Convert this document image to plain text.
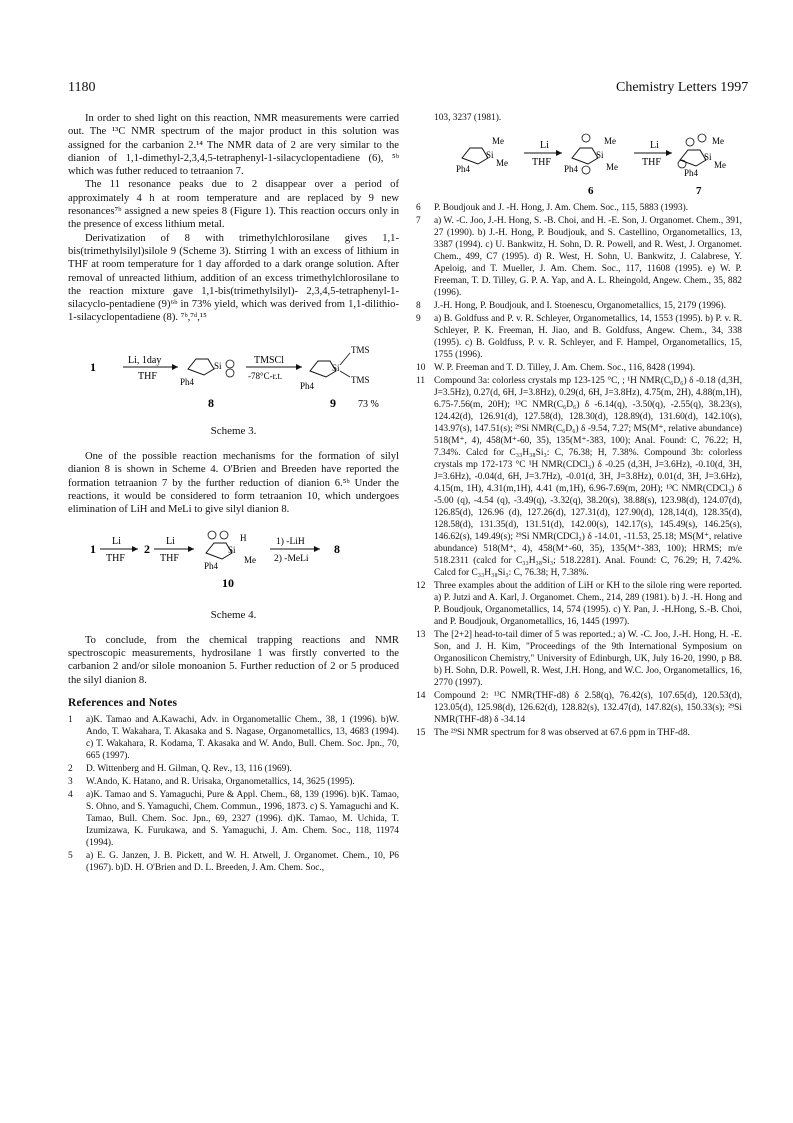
1180	Chemistry Letters 1997

In order to shed light on this reaction, NMR measurements were carried out. The ¹³C NMR spectrum of the major product in this solution was assigned for the carbanion 2.¹⁴ The NMR data of 2 are very similar to the dianion of 1,1-dimethyl-2,3,4,5-tetraphenyl-1-silacyclopentadiene (6), ⁵ᵇ which was futher reduced to tetraanion 7.

The 11 resonance peaks due to 2 disappear over a period of approximately 4 h at room temperature and are replaced by 9 new resonances⁷ᵇ assigned a new speies 8 (Figure 1). This reaction occurs only in the presence of excess lithium metal.

Derivatization of 8 with trimethylchlorosilane gives 1,1-bis(trimethylsilyl)silole 9 (Scheme 3). Stirring 1 with an excess of lithium in THF at room temperature for 1 day afforded to a dark orange solution. After removal of unreacted lithium, addition of an excess trimethylchlorosilane to the reaction mixture gave 1,1-bis(trimethylsilyl)- 2,3,4,5-tetraphenyl-1-silacyclo-pentadiene (9)⁶ᵇ in 73% yield, which was derived from 1,1-dilithio-1-silacyclopentadiene (8). ⁷ᵇ,⁷ᵈ,¹⁵

1	Li, 1day
THF
Si
Ph4
8
TMSCl
-78°C-r.t.
Si
TMS
TMS
Ph4
9 73 %
Scheme 3.

One of the possible reaction mechanisms for the formation of silyl dianion 8 is shown in Scheme 4. O'Brien and Breeden have reported the formation tetraanion 7 by the further reduction of dianion 6.⁵ᵇ Under the reactions, it would be considered to form tetraanion 10, which undergoes elimination of LiH and MeLi to give silyl dianion 8.

1
Li
THF
2
Li
THF
Si
H
Me
Ph4
10
1) -LiH
2) -MeLi
8
Scheme 4.

To conclude, from the chemical trapping reactions and NMR spectroscopic measurements, hydrosilane 1 was firstly converted to the carbanion 2 and/or silole monoanion 5. Further reduction of 2 or 5 produced the silyl dianion 8.

References and Notes
1	a)K. Tamao and A.Kawachi, Adv. in Organometallic Chem., 38, 1 (1996). b)W. Ando, T. Wakahara, T. Akasaka and S. Nagase, Organometallics, 13, 4683 (1994). c) T. Wakahara, R. Kodama, T. Akasaka and W. Ando, Bull. Chem. Soc. Jpn., 70, 665 (1997).
2	D. Wittenberg and H. Gilman, Q. Rev., 13, 116 (1969).
3	W.Ando, K. Hatano, and R. Urisaka, Organometallics, 14, 3625 (1995).
4	a)K. Tamao and S. Yamaguchi, Pure & Appl. Chem., 68, 139 (1996). b)K. Tamao, S. Ohno, and S. Yamaguchi, Chem. Commun., 1996, 1873. c) S. Yamaguchi and K. Tamao, Bull. Chem. Soc. Jpn., 69, 2327 (1996). d)K. Tamao, M. Uchida, T. Izumizawa, K. Furukawa, and S. Yamaguchi, J. Am. Chem. Soc., 118, 11974 (1994).
5	a) E. G. Janzen, J. B. Pickett, and W. H. Atwell, J. Organomet. Chem., 10, P6 (1967). b)D. H. O'Brien and D. L. Breeden, J. Am. Chem. Soc.,
103, 3237 (1981).
Si
Me
Me
Ph4
Li
THF
Si
Me
Me
Ph4
6
Li
THF	Si
Me
Me
Ph4
7
6	P. Boudjouk and J. -H. Hong, J. Am. Chem. Soc., 115, 5883 (1993).
7	a) W. -C. Joo, J.-H. Hong, S. -B. Choi, and H. -E. Son, J. Organomet. Chem., 391, 27 (1990). b) J.-H. Hong, P. Boudjouk, and S. Castellino, Organometallics, 13, 3387 (1994). c) U. Bankwitz, H. Sohn, D. R. Powell, and R. West, J. Organomet. Chem., 499, C7 (1995). d) R. West, H. Sohn, U. Bankwitz, J. Calabrese, Y. Apeloig, and T. Mueller, J. Am. Chem. Soc., 117, 11608 (1995). e) W. P. Freeman, T. D. Tilley, G. P. A. Yap, and A. L. Rheingold, Angew. Chem., 35, 882 (1996).
8	J.-H. Hong, P. Boudjouk, and I. Stoenescu, Organometallics, 15, 2179 (1996).
9	a) B. Goldfuss and P. v. R. Schleyer, Organometallics, 14, 1553 (1995). b) P. v. R. Schleyer, P. K. Freeman, H. Jiao, and B. Goldfuss, Angew. Chem., 34, 338 (1995). c) B. Goldfuss, P. v. R. Schleyer, and F. Hampel, Organometallics, 15, 1755 (1996).
10 W. P. Freeman and T. D. Tilley, J. Am. Chem. Soc., 116, 8428 (1994).
11 Compound 3a: colorless crystals mp 123-125 °C, ; ¹H NMR(C₆D₆) δ -0.18 (d,3H, J=3.5Hz), 0.27(d, 6H, J=3.8Hz), 0.29(d, 6H, J=3.8Hz), 4.75(m, 2H), 4.88(m,1H), 6.75-7.56(m, 20H); ¹³C NMR(C₆D₆) δ -6.14(q), -3.50(q), -2.55(q), 38.23(s), 124.42(d), 126.91(d), 127.58(d), 128.30(d), 128.89(d), 131.60(d), 142.10(s), 143.97(s), 147.51(s); ²⁹Si NMR(C₆D₆) δ -9.54, 7.27; MS(M⁺, relative abundance) 518(M⁺, 4), 458(M⁺-60, 35), 135(M⁺-383, 100); Anal. Found: C, 76.22; H, 7.34%. Calcd for C₃₃H₃₈Si₃: C, 76.38; H, 7.38%. Compound 3b: colorless crystals mp 172-173 °C ¹H NMR(CDCl₃) δ -0.25 (d,3H, J=3.6Hz), -0.10(d, 3H, J=3.6Hz), -0.04(d, 6H, J=3.7Hz), -0.01(d, 3H, J=3.8Hz), 0.01(d, 3H, J=3.6Hz), 4.15(m, 1H), 4.31(m,1H), 4.41 (m,1H), 6.96-7.69(m, 20H); ¹³C NMR(CDCl₃) δ -5.00 (q), -4.54 (q), -3.49(q), -3.32(q), 38.20(s), 38.88(s), 123.98(d), 124.07(d), 126.85(d), 126.96 (d), 127.26(d), 127.31(d), 127.90(d), 128,14(d), 128.35(d), 128.58(d), 131.35(d), 131.51(d), 142.00(s), 142.17(s), 145.49(s), 146.25(s), 146.62(s), 149.49(s); ²⁹Si NMR(CDCl₃) δ -14.01, -11.53, 25.18; MS(M⁺, relative abundance) 518(M⁺, 4), 458(M⁺-60, 35), 135(M⁺-383, 100); HRMS; m/e 518.2311 (calcd for C₃₃H₃₈Si₃; 518.2281). Anal. Found: C, 76.29; H, 7.42%. Calcd for C₃₃H₃₈Si₃: C, 76.38; H, 7.38%.
12 Three examples about the addition of LiH or KH to the silole ring were reported. a) P. Jutzi and A. Karl, J. Organomet. Chem., 214, 289 (1981). b) J. -H. Hong and P. Boudjouk, Organometallics, 14, 574 (1995). c) Y. Pan, J. -H.Hong, S.-B. Choi, and P. Boudjouk, Organometallics, 16, 1445 (1997).
13 The [2+2] head-to-tail dimer of 5 was reported.; a) W. -C. Joo, J.-H. Hong, H. -E. Son, and J. H. Kim, "Proceedings of the 9th International Symposium on Organosilicon Chemistry," University of Edinburgh, UK, July 16-20, 1990, p B8. b) H. Sohn, D.R. Powell, R. West, J.H. Hong, and W.C. Joo, Organometallics, 16, 2770 (1997).
14 Compound 2: ¹³C NMR(THF-d8) δ 2.58(q), 76.42(s), 107.65(d), 120.53(d), 123.05(d), 125.98(d), 126.62(d), 128.82(s), 132.47(d), 147.82(s), 150.33(s); ²⁹Si NMR(THF-d8) δ -34.14
15 The ²⁹Si NMR spectrum for 8 was observed at 67.6 ppm in THF-d8.
